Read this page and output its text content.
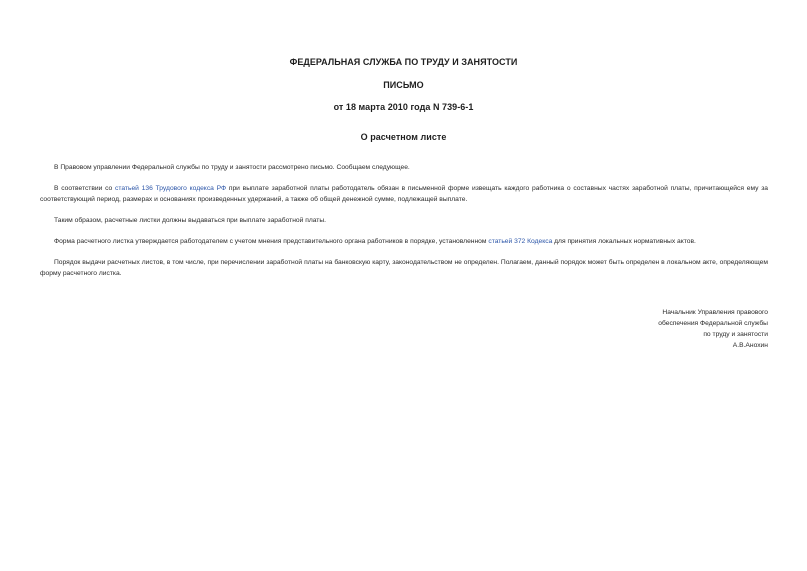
ФЕДЕРАЛЬНАЯ СЛУЖБА ПО ТРУДУ И ЗАНЯТОСТИ
ПИСЬМО
от 18 марта 2010 года N 739-6-1
О расчетном листе

В Правовом управлении Федеральной службы по труду и занятости рассмотрено письмо. Сообщаем следующее.

В соответствии со статьей 136 Трудового кодекса РФ при выплате заработной платы работодатель обязан в письменной форме извещать каждого работника о составных частях заработной платы, причитающейся ему за соответствующий период, размерах и основаниях произведенных удержаний, а также об общей денежной сумме, подлежащей выплате.

Таким образом, расчетные листки должны выдаваться при выплате заработной платы.

Форма расчетного листка утверждается работодателем с учетом мнения представительного органа работников в порядке, установленном статьей 372 Кодекса для принятия локальных нормативных актов.

Порядок выдачи расчетных листов, в том числе, при перечислении заработной платы на банковскую карту, законодательством не определен. Полагаем, данный порядок может быть определен в локальном акте, определяющем форму расчетного листка.

Начальник Управления правового
обеспечения Федеральной службы
по труду и занятости
А.В.Анохин
